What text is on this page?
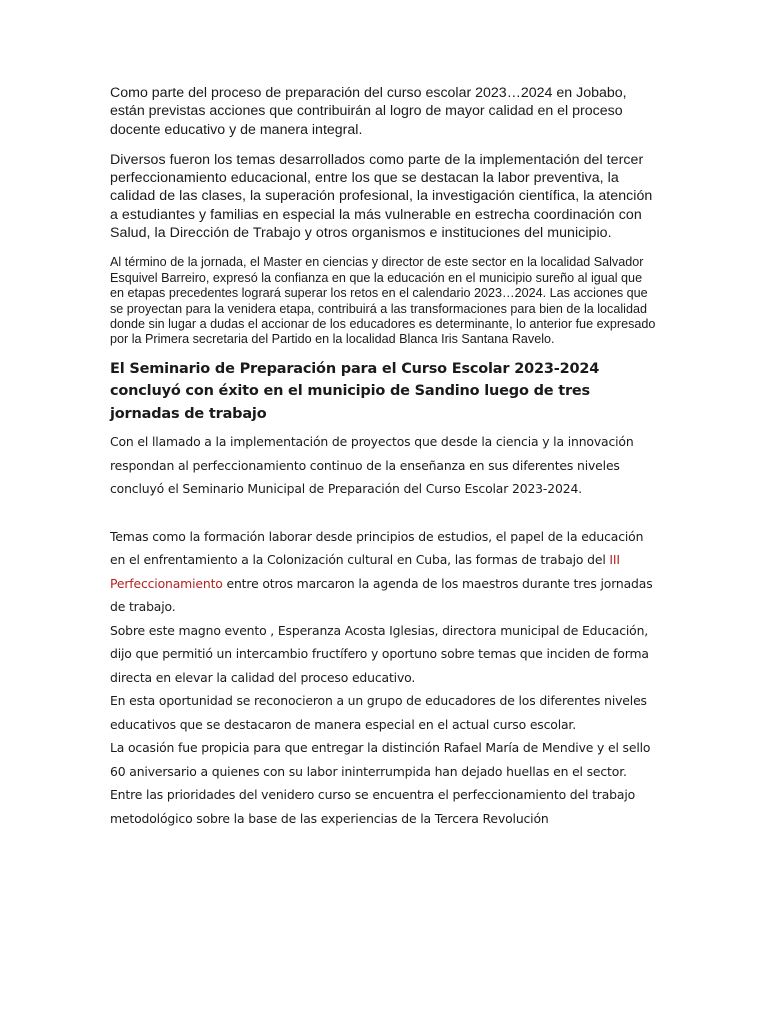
Como parte del proceso de preparación del curso escolar 2023…2024 en Jobabo, están previstas acciones que contribuirán al logro de mayor calidad en el proceso docente educativo y de manera integral.

Diversos fueron los temas desarrollados como parte de la implementación del tercer perfeccionamiento educacional, entre los que se destacan la labor preventiva, la calidad de las clases, la superación profesional, la investigación científica, la atención a estudiantes y familias en especial la más vulnerable en estrecha coordinación con Salud, la Dirección de Trabajo y otros organismos e instituciones del municipio.

Al término de la jornada, el Master en ciencias y director de este sector en la localidad Salvador Esquivel Barreiro, expresó la confianza en que la educación en el municipio sureño al igual que en etapas precedentes logrará superar los retos en el calendario 2023…2024. Las acciones que se proyectan para la venidera etapa, contribuirá a las transformaciones para bien de la localidad donde sin lugar a dudas el accionar de los educadores es determinante, lo anterior fue expresado por la Primera secretaria del Partido en la localidad Blanca Iris Santana Ravelo.

El Seminario de Preparación para el Curso Escolar 2023-2024 concluyó con éxito en el municipio de Sandino luego de tres jornadas de trabajo

Con el llamado a la implementación de proyectos que desde la ciencia y la innovación respondan al perfeccionamiento continuo de la enseñanza en sus diferentes niveles concluyó el Seminario Municipal de Preparación del Curso Escolar 2023-2024.

Temas como la formación laborar desde principios de estudios, el papel de la educación en el enfrentamiento a la Colonización cultural en Cuba, las formas de trabajo del III Perfeccionamiento entre otros marcaron la agenda de los maestros durante tres jornadas de trabajo.

Sobre este magno evento , Esperanza Acosta Iglesias, directora municipal de Educación, dijo que permitió un intercambio fructífero y oportuno sobre temas que inciden de forma directa en elevar la calidad del proceso educativo.

En esta oportunidad se reconocieron a un grupo de educadores de los diferentes niveles educativos que se destacaron de manera especial en el actual curso escolar.

La ocasión fue propicia para que entregar la distinción Rafael María de Mendive y el sello 60 aniversario a quienes con su labor ininterrumpida han dejado huellas en el sector.

Entre las prioridades del venidero curso se encuentra el perfeccionamiento del trabajo metodológico sobre la base de las experiencias de la Tercera Revolución
